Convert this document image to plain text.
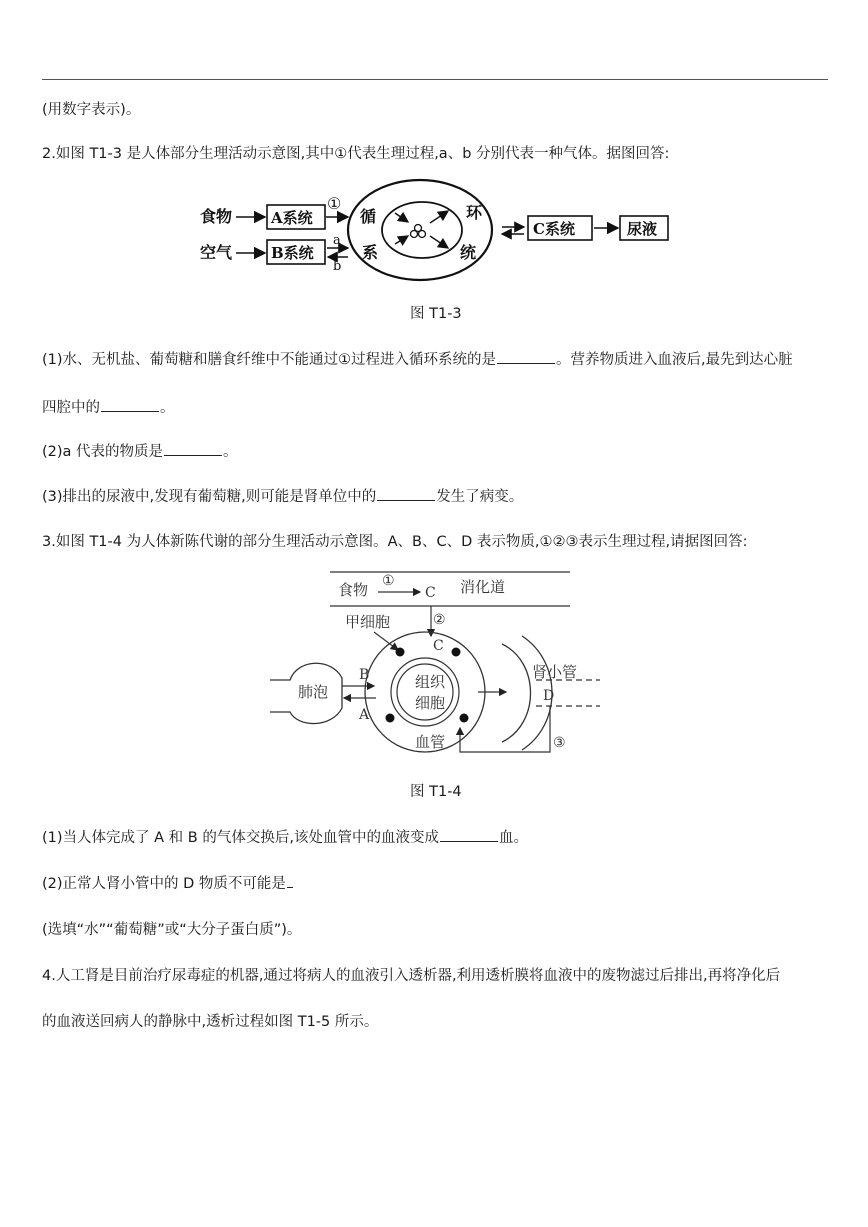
(用数字表示)。
2.如图 T1-3 是人体部分生理活动示意图,其中①代表生理过程,a、b 分别代表一种气体。据图回答:
食物
空气
A系统
B系统
①
a
b
循	环
系	统
C系统	尿液
图 T1-3
(1)水、无机盐、葡萄糖和膳食纤维中不能通过①过程进入循环系统的是	。营养物质进入血液后,最先到达心脏
四腔中的	。
(2)a 代表的物质是	。
(3)排出的尿液中,发现有葡萄糖,则可能是肾单位中的	发生了病变。
3.如图 T1-4 为人体新陈代谢的部分生理活动示意图。A、B、C、D 表示物质,①②③表示生理过程,请据图回答:
食物	消化道
甲细胞
肾小管
肺泡
组织
细胞
血管
①
C
②
C
B
A
D
③
图 T1-4
(1)当人体完成了 A 和 B 的气体交换后,该处血管中的血液变成	血。
(2)正常人肾小管中的 D 物质不可能是
(选填“水”“葡萄糖”或“大分子蛋白质”)。
4.人工肾是目前治疗尿毒症的机器,通过将病人的血液引入透析器,利用透析膜将血液中的废物滤过后排出,再将净化后
的血液送回病人的静脉中,透析过程如图 T1-5 所示。
